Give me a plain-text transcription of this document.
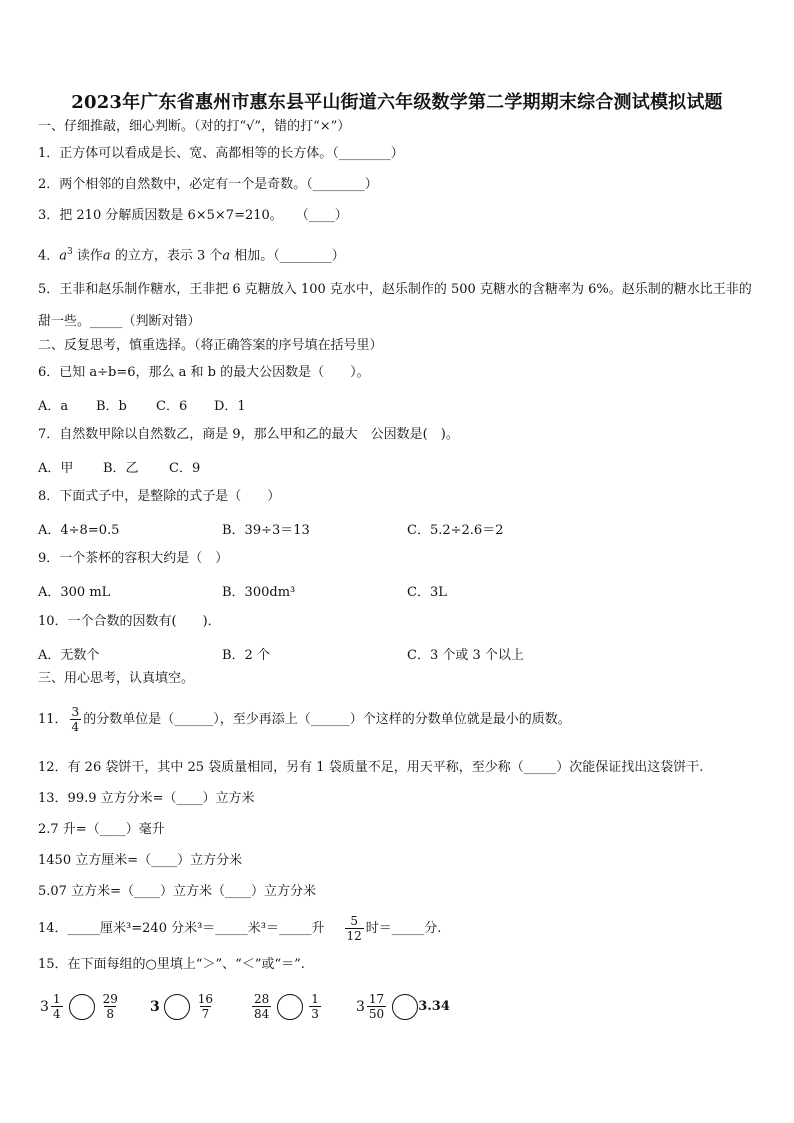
2023年广东省惠州市惠东县平山街道六年级数学第二学期期末综合测试模拟试题
一、仔细推敲，细心判断。（对的打“√”，错的打“×”）
1．正方体可以看成是长、宽、高都相等的长方体。（________）
2．两个相邻的自然数中，必定有一个是奇数。（________）
3．把 210 分解质因数是 6×5×7=210。　　（____）
4．$a^3$ 读作a 的立方，表示 3 个a 相加。（________）
5．王非和赵乐制作糖水，王非把 6 克糖放入 100 克水中，赵乐制作的 500 克糖水的含糖率为 6%。赵乐制的糖水比王非的甜一些。_____（判断对错）
二、反复思考，慎重选择。（将正确答案的序号填在括号里）
6．已知 a÷b=6，那么 a 和 b 的最大公因数是（　　）。
A．a B．b C．6 D．1
7．自然数甲除以自然数乙，商是 9，那么甲和乙的最大　公因数是(　)。
A．甲 B．乙 C．9
8．下面式子中，是整除的式子是（　　）
A．4÷8=0.5	B．39÷3＝13	C．5.2÷2.6＝2
9．一个茶杯的容积大约是（　）
A．300 mL	B．300dm³	C．3L
10．一个合数的因数有(　　)．
A．无数个	B．2 个	C．3 个或 3 个以上
三、用心思考，认真填空。
11． $\frac{3}{4}$ 的分数单位是（______），至少再添上（______）个这样的分数单位就是最小的质数。
12．有 26 袋饼干，其中 25 袋质量相同，另有 1 袋质量不足，用天平称，至少称（_____）次能保证找出这袋饼干.
13．99.9 立方分米=（____）立方米
2.7 升=（____）毫升
1450 立方厘米=（____）立方分米
5.07 立方米=（____）立方米（____）立方分米
14．_____厘米³=240 分米³＝_____米³＝_____升 $\frac{5}{12}$ 时＝_____分.
15．在下面每组的○里填上“＞”、“＜”或“＝”.
$3 \frac{1}{4}$	$\frac{29}{8} 3$	$\frac{16}{7}$	$\frac{28}{84}$	$\frac{1}{3}$	$3 \frac{17}{50} 3.34$
